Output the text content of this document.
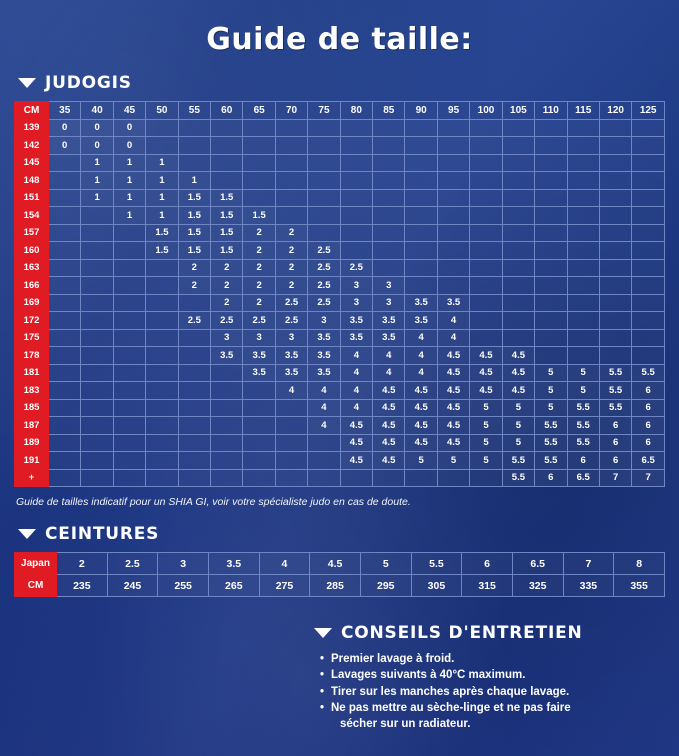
Guide de taille:
JUDOGIS
CM	35	40	45	50	55	60	65	70	75	80	85	90	95	100	105	110	115	120	125
139	0	0	0																
142	0	0	0																
145		1	1	1															
148		1	1	1	1														
151		1	1	1	1.5	1.5													
154			1	1	1.5	1.5	1.5												
157				1.5	1.5	1.5	2	2											
160				1.5	1.5	1.5	2	2	2.5										
163					2	2	2	2	2.5	2.5									
166					2	2	2	2	2.5	3	3								
169						2	2	2.5	2.5	3	3	3.5	3.5						
172					2.5	2.5	2.5	2.5	3	3.5	3.5	3.5	4						
175						3	3	3	3.5	3.5	3.5	4	4						
178						3.5	3.5	3.5	3.5	4	4	4	4.5	4.5	4.5				
181							3.5	3.5	3.5	4	4	4	4.5	4.5	4.5	5	5	5.5	5.5
183								4	4	4	4.5	4.5	4.5	4.5	4.5	5	5	5.5	6
185									4	4	4.5	4.5	4.5	5	5	5	5.5	5.5	6
187									4	4.5	4.5	4.5	4.5	5	5	5.5	5.5	6	6
189										4.5	4.5	4.5	4.5	5	5	5.5	5.5	6	6
191										4.5	4.5	5	5	5	5.5	5.5	6	6	6.5
+															5.5	6	6.5	7	7
Guide de tailles indicatif pour un SHIA GI, voir votre spécialiste judo en cas de doute.
CEINTURES
Japan	2	2.5	3	3.5	4	4.5	5	5.5	6	6.5	7	8
CM	235	245	255	265	275	285	295	305	315	325	335	355
CONSEILS D'ENTRETIEN
• Premier lavage à froid.
• Lavages suivants à 40°C maximum.
• Tirer sur les manches après chaque lavage.
• Ne pas mettre au sèche-linge et ne pas faire
sécher sur un radiateur.
